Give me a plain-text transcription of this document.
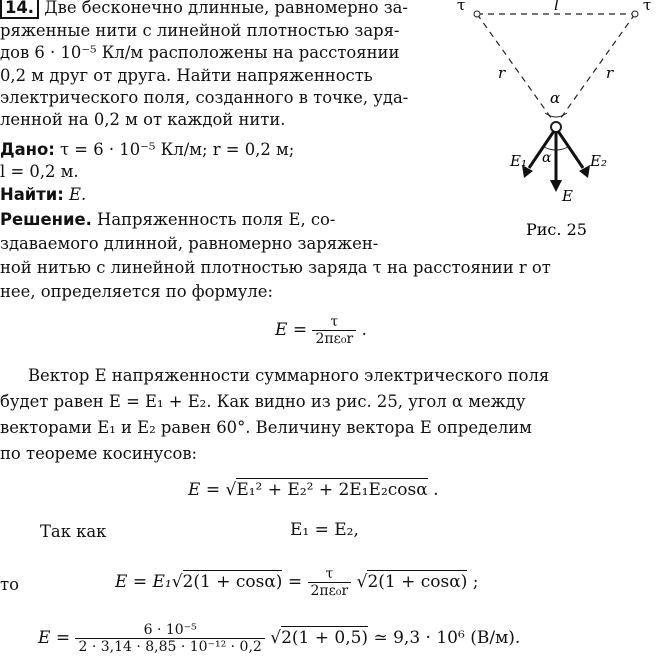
14. Две бесконечно длинные, равномерно за-
ряженные нити с линейной плотностью заря-
дов 6 · 10⁻⁵ Кл/м расположены на расстоянии
0,2 м друг от друга. Найти напряженность
электрического поля, созданного в точке, уда-
ленной на 0,2 м от каждой нити.
Дано: τ = 6 · 10⁻⁵ Кл/м; r = 0,2 м;
l = 0,2 м.
Найти: E.
Решение. Напряженность поля E, со-
здаваемого длинной, равномерно заряжен-
ной нитью с линейной плотностью заряда τ на расстоянии r от
нее, определяется по формуле:
$E = \frac{\tau}{\text{2πε₀r}}$ .
Вектор E напряженности суммарного электрического поля
будет равен E = E₁ + E₂. Как видно из рис. 25, угол α между
векторами E₁ и E₂ равен 60°. Величину вектора E определим
по теореме косинусов:
E = √E₁² + E₂² + 2E₁E₂cosα .
Так как	E₁ = E₂,
то	$E = E_1√2(1 + \cos\alpha) = \frac{\tau}{\text{2πε₀r}} √2(1 + \cos\alpha)$ ;
$E = \frac{\text{6 · 10⁻⁵}}{\text{2 · 3,14 · 8,85 · 10⁻¹² · 0,2}} √2(1 + 0,5)$ ≃ 9,3 · 10⁶ (В/м).
τ	τ
l
r	r
α
α
E₁	E₂
E
Рис. 25
